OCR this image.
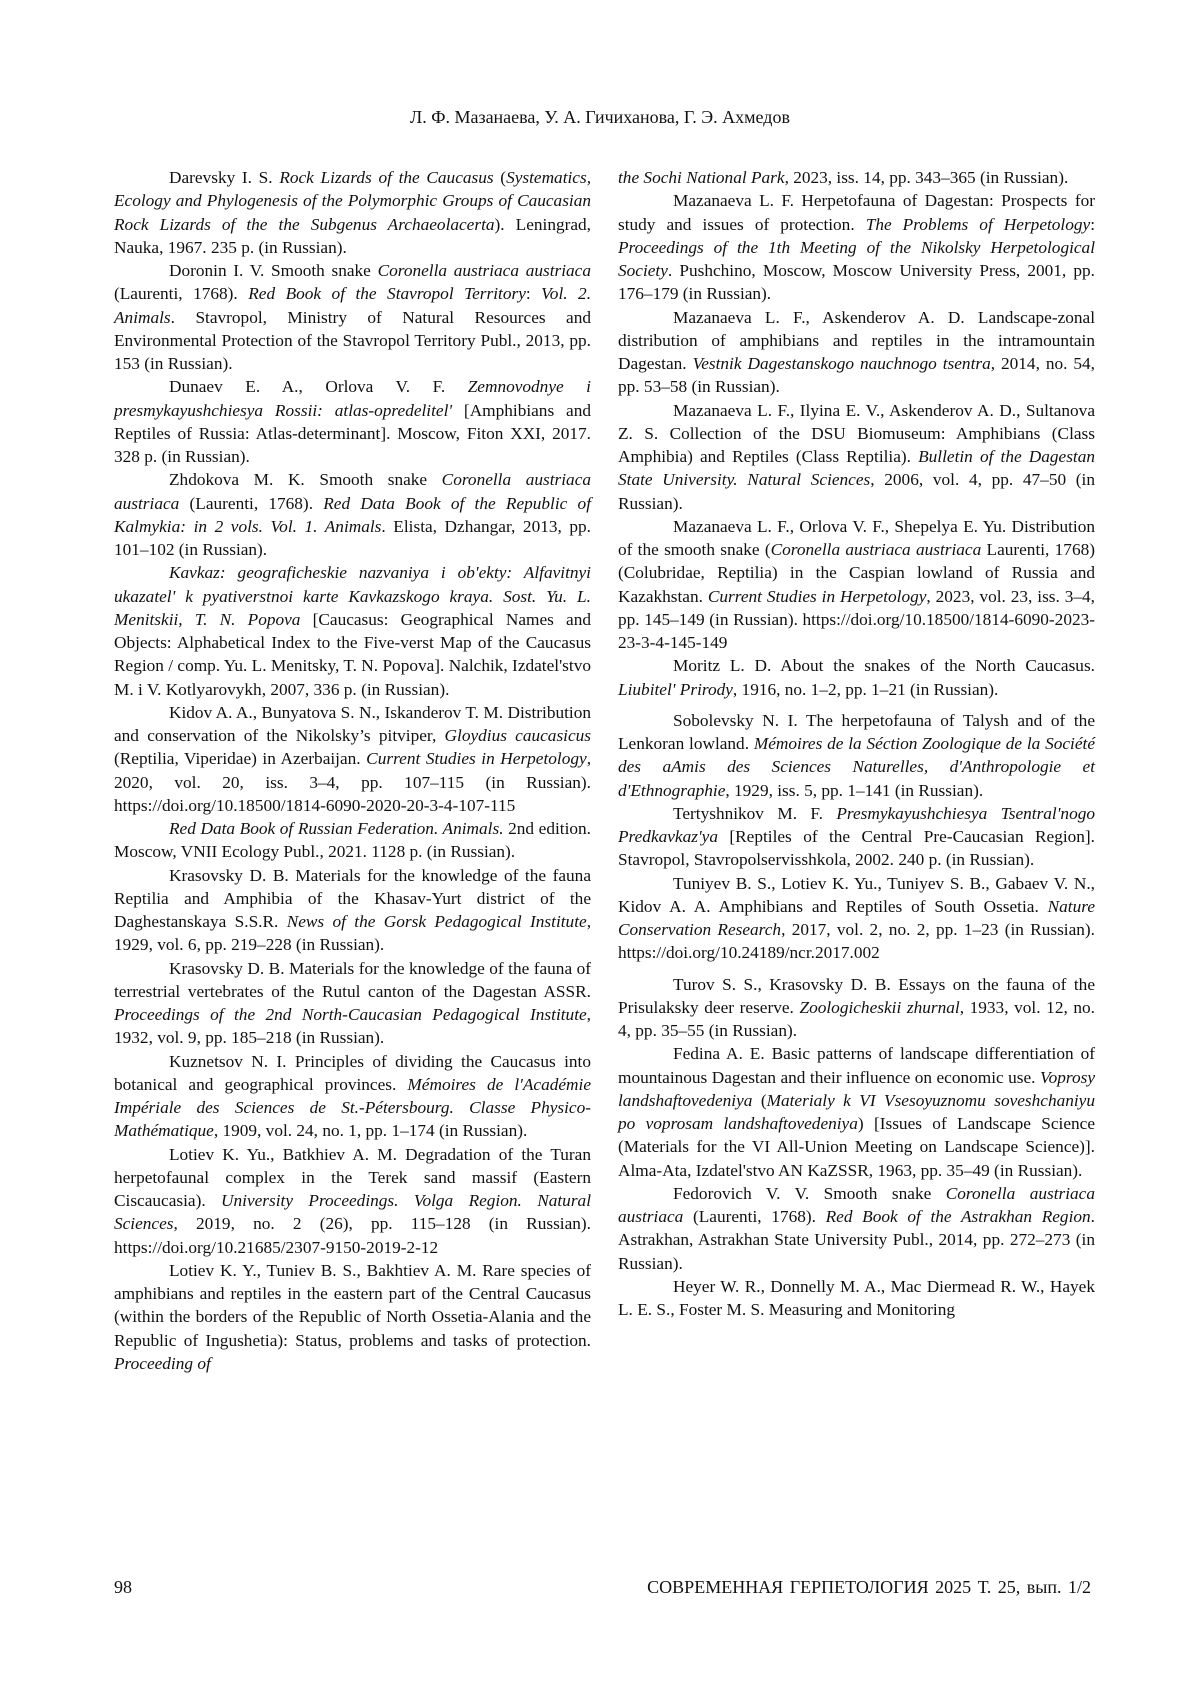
Л. Ф. Мазанаева, У. А. Гичиханова, Г. Э. Ахмедов

Darevsky I. S. Rock Lizards of the Caucasus (Systematics, Ecology and Phylogenesis of the Polymorphic Groups of Caucasian Rock Lizards of the the Subgenus Archaeolacerta). Leningrad, Nauka, 1967. 235 p. (in Russian).

Doronin I. V. Smooth snake Coronella austriaca austriaca (Laurenti, 1768). Red Book of the Stavropol Territory: Vol. 2. Animals. Stavropol, Ministry of Natural Resources and Environmental Protection of the Stavropol Territory Publ., 2013, pp. 153 (in Russian).

Dunaev E. A., Orlova V. F. Zemnovodnye i presmykayushchiesya Rossii: atlas-opredelitel' [Amphibians and Reptiles of Russia: Atlas-determinant]. Moscow, Fiton XXI, 2017. 328 p. (in Russian).

Zhdokova M. K. Smooth snake Coronella austriaca austriaca (Laurenti, 1768). Red Data Book of the Republic of Kalmykia: in 2 vols. Vol. 1. Animals. Elista, Dzhangar, 2013, pp. 101–102 (in Russian).

Kavkaz: geograficheskie nazvaniya i ob'ekty: Alfavitnyi ukazatel' k pyativerstnoi karte Kavkazskogo kraya. Sost. Yu. L. Menitskii, T. N. Popova [Caucasus: Geographical Names and Objects: Alphabetical Index to the Five-verst Map of the Caucasus Region / comp. Yu. L. Menitsky, T. N. Popova]. Nalchik, Izdatel'stvo M. i V. Kotlyarovykh, 2007, 336 p. (in Russian).

Kidov A. A., Bunyatova S. N., Iskanderov T. M. Distribution and conservation of the Nikolsky’s pitviper, Gloydius caucasicus (Reptilia, Viperidae) in Azerbaijan. Current Studies in Herpetology, 2020, vol. 20, iss. 3–4, pp. 107–115 (in Russian). https://doi.org/10.18500/1814-6090-2020-20-3-4-107-115

Red Data Book of Russian Federation. Animals. 2nd edition. Moscow, VNII Ecology Publ., 2021. 1128 p. (in Russian).

Krasovsky D. B. Materials for the knowledge of the fauna Reptilia and Amphibia of the Khasav-Yurt district of the Daghestanskaya S.S.R. News of the Gorsk Pedagogical Institute, 1929, vol. 6, pp. 219–228 (in Russian).

Krasovsky D. B. Materials for the knowledge of the fauna of terrestrial vertebrates of the Rutul canton of the Dagestan ASSR. Proceedings of the 2nd North-Caucasian Pedagogical Institute, 1932, vol. 9, pp. 185–218 (in Russian).

Kuznetsov N. I. Principles of dividing the Caucasus into botanical and geographical provinces. Mémoires de l'Académie Impériale des Sciences de St.-Pétersbourg. Classe Physico-Mathématique, 1909, vol. 24, no. 1, pp. 1–174 (in Russian).

Lotiev K. Yu., Batkhiev A. M. Degradation of the Turan herpetofaunal complex in the Terek sand massif (Eastern Ciscaucasia). University Proceedings. Volga Region. Natural Sciences, 2019, no. 2 (26), pp. 115–128 (in Russian). https://doi.org/10.21685/2307-9150-2019-2-12

Lotiev K. Y., Tuniev B. S., Bakhtiev A. M. Rare species of amphibians and reptiles in the eastern part of the Central Caucasus (within the borders of the Republic of North Ossetia-Alania and the Republic of Ingushetia): Status, problems and tasks of protection. Proceeding of

the Sochi National Park, 2023, iss. 14, pp. 343–365 (in Russian).

Mazanaeva L. F. Herpetofauna of Dagestan: Prospects for study and issues of protection. The Problems of Herpetology: Proceedings of the 1th Meeting of the Nikolsky Herpetological Society. Pushchino, Moscow, Moscow University Press, 2001, pp. 176–179 (in Russian).

Mazanaeva L. F., Askenderov A. D. Landscape-zonal distribution of amphibians and reptiles in the intramountain Dagestan. Vestnik Dagestanskogo nauchnogo tsentra, 2014, no. 54, pp. 53–58 (in Russian).

Mazanaeva L. F., Ilyina E. V., Askenderov A. D., Sultanova Z. S. Collection of the DSU Biomuseum: Amphibians (Class Amphibia) and Reptiles (Class Reptilia). Bulletin of the Dagestan State University. Natural Sciences, 2006, vol. 4, pp. 47–50 (in Russian).

Mazanaeva L. F., Orlova V. F., Shepelya E. Yu. Distribution of the smooth snake (Coronella austriaca austriaca Laurenti, 1768) (Colubridae, Reptilia) in the Caspian lowland of Russia and Kazakhstan. Current Studies in Herpetology, 2023, vol. 23, iss. 3–4, pp. 145–149 (in Russian). https://doi.org/10.18500/1814-6090-2023-23-3-4-145-149

Moritz L. D. About the snakes of the North Caucasus. Liubitel' Prirody, 1916, no. 1–2, pp. 1–21 (in Russian).

Sobolevsky N. I. The herpetofauna of Talysh and of the Lenkoran lowland. Mémoires de la Séction Zoologique de la Société des aAmis des Sciences Naturelles, d'Anthropologie et d'Ethnographie, 1929, iss. 5, pp. 1–141 (in Russian).

Tertyshnikov M. F. Presmykayushchiesya Tsentral'nogo Predkavkaz'ya [Reptiles of the Central Pre-Caucasian Region]. Stavropol, Stavropolservisshkola, 2002. 240 p. (in Russian).

Tuniyev B. S., Lotiev K. Yu., Tuniyev S. B., Gabaev V. N., Kidov A. A. Amphibians and Reptiles of South Ossetia. Nature Conservation Research, 2017, vol. 2, no. 2, pp. 1–23 (in Russian). https://doi.org/10.24189/ncr.2017.002

Turov S. S., Krasovsky D. B. Essays on the fauna of the Prisulaksky deer reserve. Zoologicheskii zhurnal, 1933, vol. 12, no. 4, pp. 35–55 (in Russian).

Fedina A. E. Basic patterns of landscape differentiation of mountainous Dagestan and their influence on economic use. Voprosy landshaftovedeniya (Materialy k VI Vsesoyuznomu soveshchaniyu po voprosam landshaftovedeniya) [Issues of Landscape Science (Materials for the VI All-Union Meeting on Landscape Science)]. Alma-Ata, Izdatel'stvo AN KaZSSR, 1963, pp. 35–49 (in Russian).

Fedorovich V. V. Smooth snake Coronella austriaca austriaca (Laurenti, 1768). Red Book of the Astrakhan Region. Astrakhan, Astrakhan State University Publ., 2014, pp. 272–273 (in Russian).

Heyer W. R., Donnelly M. A., Mac Diermead R. W., Hayek L. E. S., Foster M. S. Measuring and Monitoring

98	СОВРЕМЕННАЯ ГЕРПЕТОЛОГИЯ 2025 Т. 25, вып. 1/2
